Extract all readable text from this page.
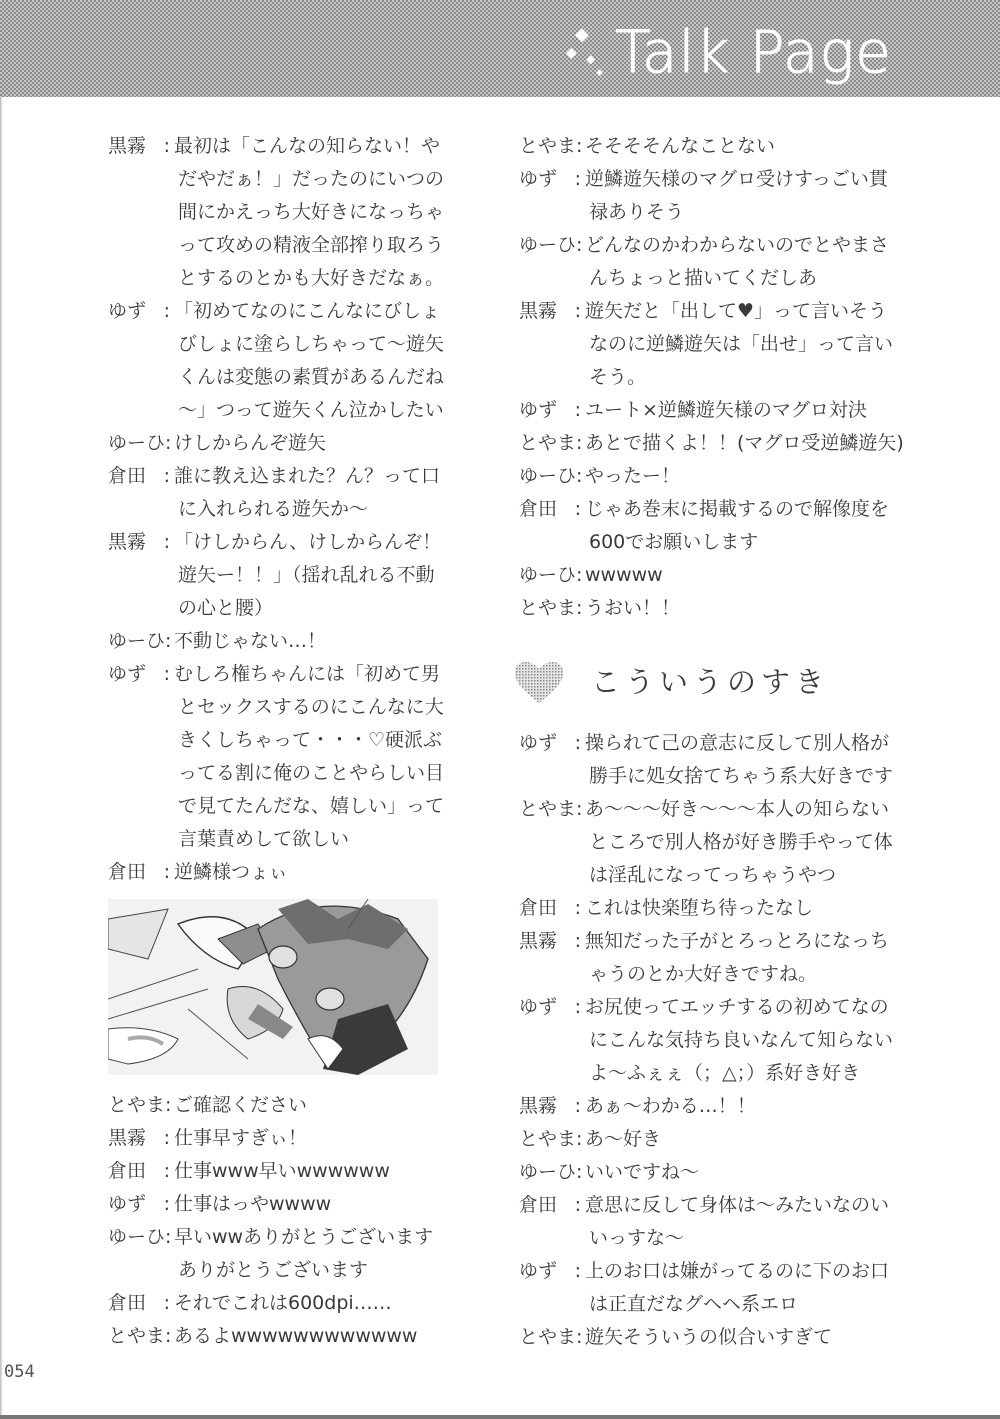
◆
◆ ◆
◆ Talk Page
黒霧 : 最初は「こんなの知らない！や
だやだぁ！」だったのにいつの
間にかえっち大好きになっちゃ
って攻めの精液全部搾り取ろう
とするのとかも大好きだなぁ。
ゆず : 「初めてなのにこんなにびしょ
びしょに塗らしちゃって〜遊矢
くんは変態の素質があるんだね
〜」つって遊矢くん泣かしたい
ゆーひ : けしからんぞ遊矢
倉田 : 誰に教え込まれた？ん？って口
に入れられる遊矢か〜
黒霧 : 「けしからん、けしからんぞ！
遊矢ー！！」（揺れ乱れる不動
の心と腰）
ゆーひ : 不動じゃない…！
ゆず : むしろ権ちゃんには「初めて男
とセックスするのにこんなに大
きくしちゃって・・・♡硬派ぶ
ってる割に俺のことやらしい目
で見てたんだな、嬉しい」って
言葉責めして欲しい
倉田 : 逆鱗様つょぃ
とやま : ご確認ください
黒霧 : 仕事早すぎぃ！
倉田 : 仕事www早いwwwwww
ゆず : 仕事はっやwwww
ゆーひ : 早いwwありがとうございます
ありがとうございます
倉田 : それでこれは600dpi……
とやま : あるよwwwwwwwwwwww
とやま : そそそそんなことない
ゆず : 逆鱗遊矢様のマグロ受けすっごい貫
禄ありそう
ゆーひ : どんなのかわからないのでとやまさ
んちょっと描いてくだしあ
黒霧 : 遊矢だと「出して♥」って言いそう
なのに逆鱗遊矢は「出せ」って言い
そう。
ゆず : ユート×逆鱗遊矢様のマグロ対決
とやま : あとで描くよ！！(マグロ受逆鱗遊矢)
ゆーひ : やったー！
倉田 : じゃあ巻末に掲載するので解像度を
600でお願いします
ゆーひ : wwwww
とやま : うおい！！
こういうのすき
ゆず : 操られて己の意志に反して別人格が
勝手に処女捨てちゃう系大好きです
とやま : あ〜〜〜好き〜〜〜本人の知らない
ところで別人格が好き勝手やって体
は淫乱になってっちゃうやつ
倉田 : これは快楽堕ち待ったなし
黒霧 : 無知だった子がとろっとろになっち
ゃうのとか大好きですね。
ゆず : お尻使ってエッチするの初めてなの
にこんな気持ち良いなんて知らない
よ〜ふぇぇ（；△；）系好き好き
黒霧 : あぁ〜わかる…！！
とやま : あ〜好き
ゆーひ : いいですね〜
倉田 : 意思に反して身体は〜みたいなのい
いっすな〜
ゆず : 上のお口は嫌がってるのに下のお口
は正直だなグヘヘ系エロ
とやま : 遊矢そういうの似合いすぎて
054
